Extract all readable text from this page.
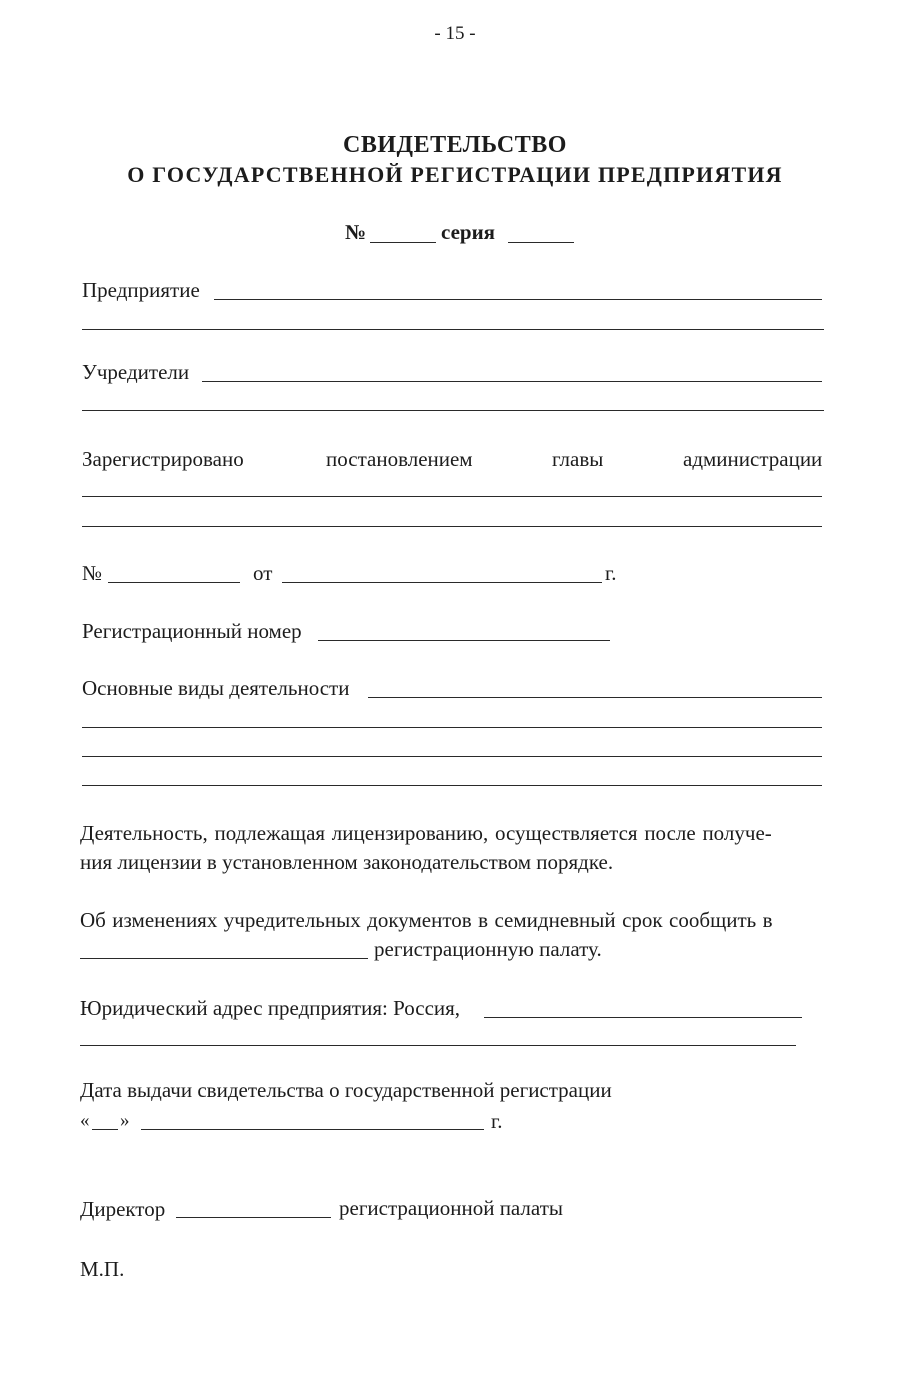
- 15 -
СВИДЕТЕЛЬСТВО
О ГОСУДАРСТВЕННОЙ РЕГИСТРАЦИИ ПРЕДПРИЯТИЯ
№	серия
Предприятие
Учредители
Зарегистрировано	постановлением	главы	администрации
№	от	г.
Регистрационный номер
Основные виды деятельности
Деятельность, подлежащая лицензированию, осуществляется после получе-
ния лицензии в установленном законодательством порядке.
Об изменениях учредительных документов в семидневный срок сообщить в
регистрационную палату.
Юридический адрес предприятия: Россия,
Дата выдачи свидетельства о государственной регистрации
« »	г.
Директор	регистрационной палаты
М.П.
